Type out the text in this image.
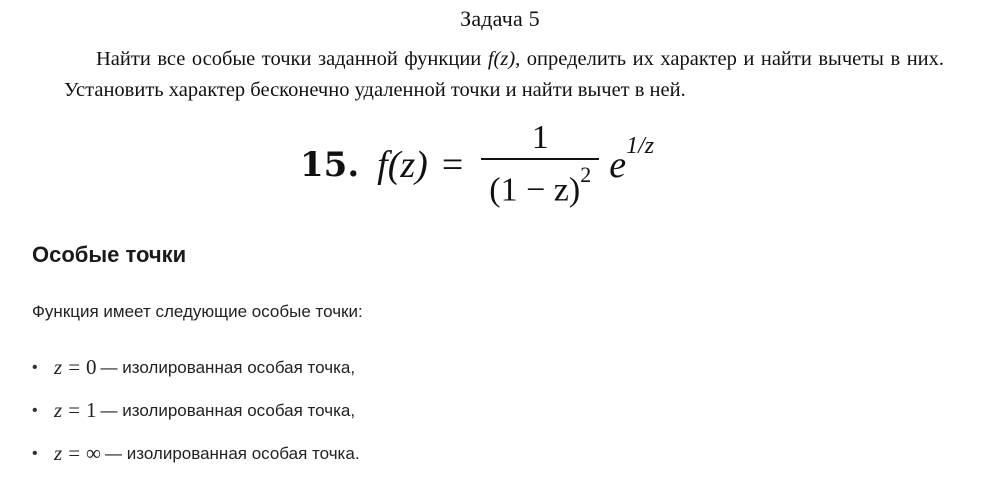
Задача 5
Найти все особые точки заданной функции f(z), определить их характер и найти вычеты в них. Установить характер бесконечно удаленной точки и найти вычет в ней.
15. $f(z) = \frac{1}{(1 - z)^2} e^{1/z}$
Особые точки
Функция имеет следующие особые точки:
• z = 0 — изолированная особая точка,
• z = 1 — изолированная особая точка,
• z = ∞ — изолированная особая точка.
